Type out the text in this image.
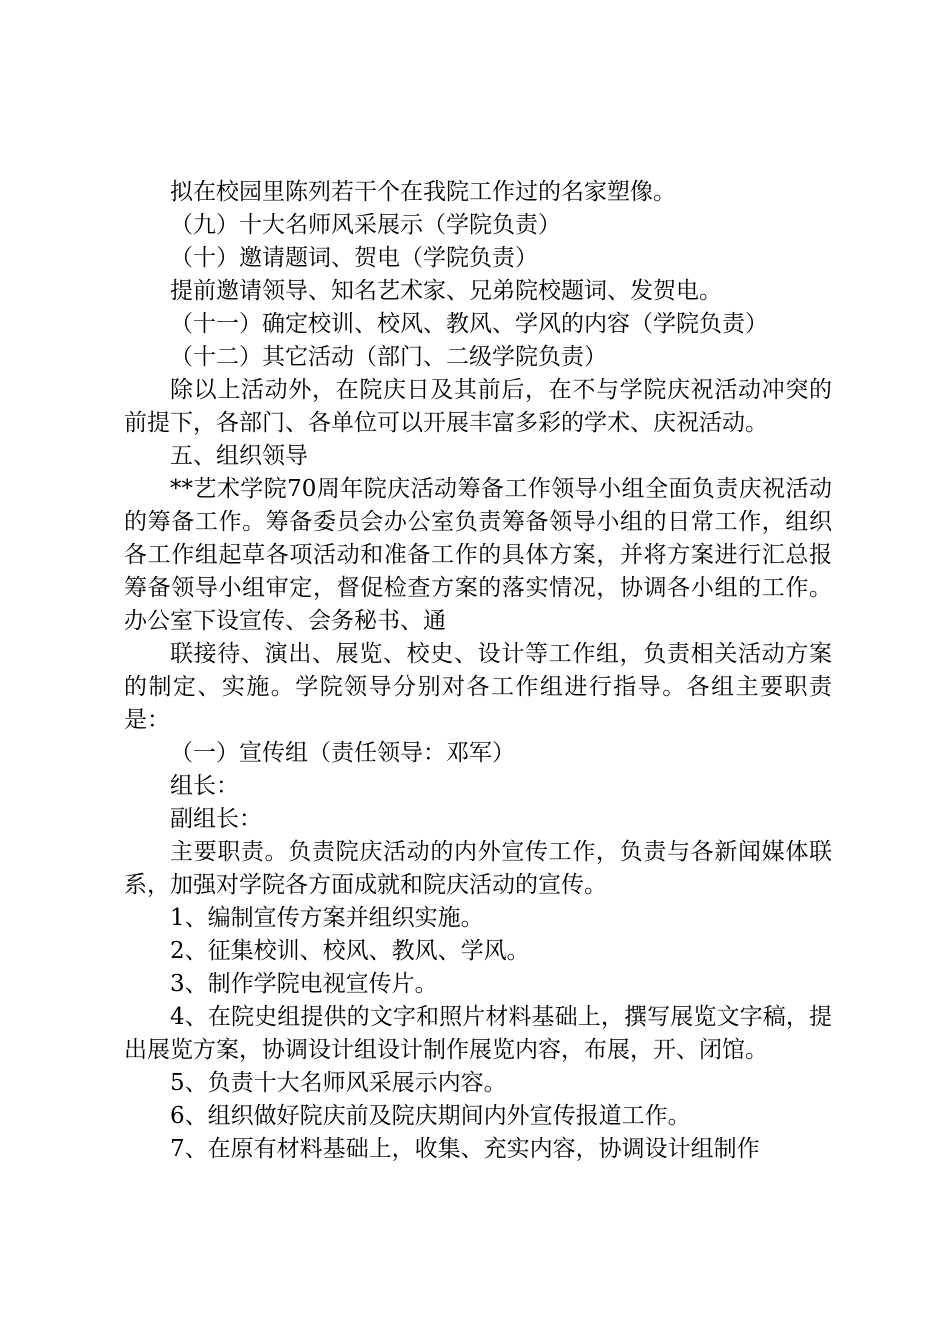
拟在校园里陈列若干个在我院工作过的名家塑像。

（九）十大名师风采展示（学院负责）

（十）邀请题词、贺电（学院负责）

提前邀请领导、知名艺术家、兄弟院校题词、发贺电。

（十一）确定校训、校风、教风、学风的内容（学院负责）

（十二）其它活动（部门、二级学院负责）

除以上活动外，在院庆日及其前后，在不与学院庆祝活动冲突的前提下，各部门、各单位可以开展丰富多彩的学术、庆祝活动。

五、组织领导

**艺术学院70周年院庆活动筹备工作领导小组全面负责庆祝活动的筹备工作。筹备委员会办公室负责筹备领导小组的日常工作，组织各工作组起草各项活动和准备工作的具体方案，并将方案进行汇总报筹备领导小组审定，督促检查方案的落实情况，协调各小组的工作。办公室下设宣传、会务秘书、通

联接待、演出、展览、校史、设计等工作组，负责相关活动方案的制定、实施。学院领导分别对各工作组进行指导。各组主要职责是：

（一）宣传组（责任领导：邓军）

组长：

副组长：

主要职责。负责院庆活动的内外宣传工作，负责与各新闻媒体联系，加强对学院各方面成就和院庆活动的宣传。

1、编制宣传方案并组织实施。

2、征集校训、校风、教风、学风。

3、制作学院电视宣传片。

4、在院史组提供的文字和照片材料基础上，撰写展览文字稿，提出展览方案，协调设计组设计制作展览内容，布展，开、闭馆。

5、负责十大名师风采展示内容。

6、组织做好院庆前及院庆期间内外宣传报道工作。

7、在原有材料基础上，收集、充实内容，协调设计组制作
